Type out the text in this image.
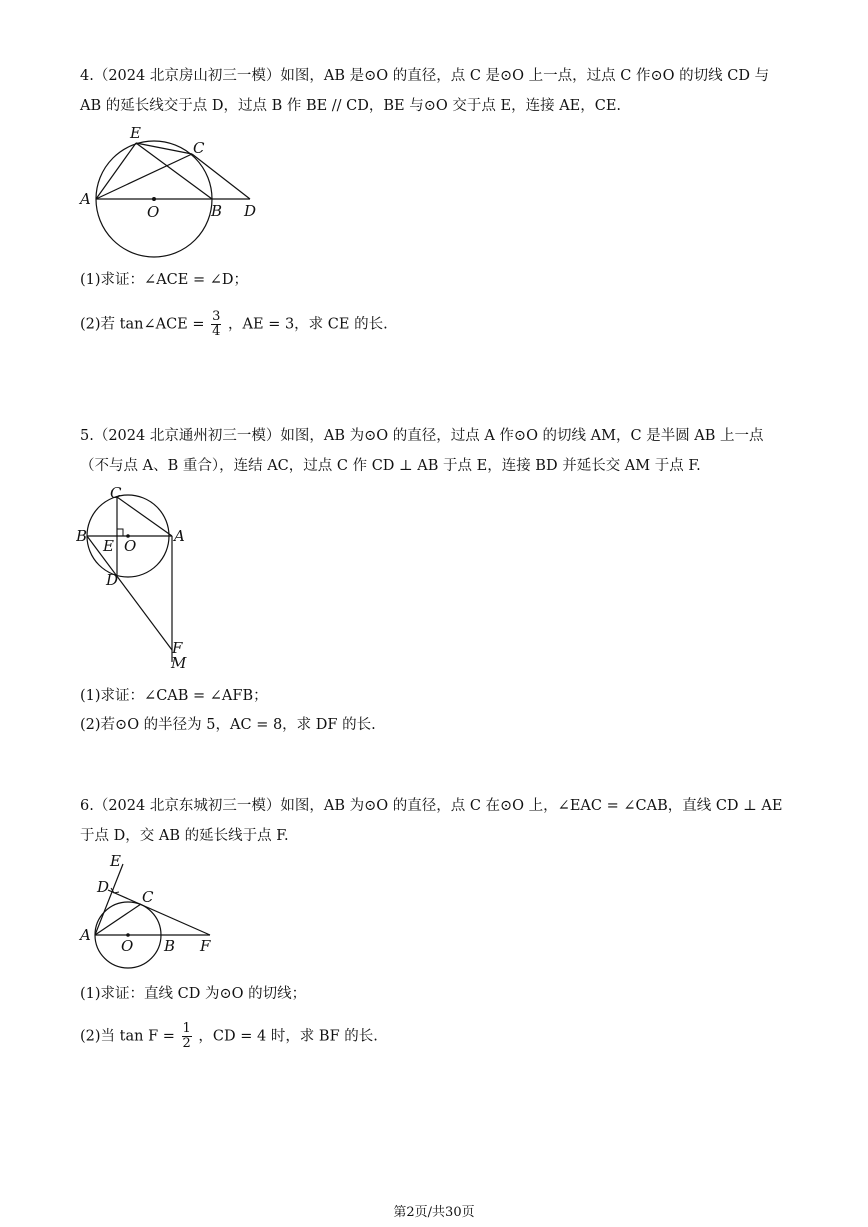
4.（2024 北京房山初三一模）如图，AB 是⊙O 的直径，点 C 是⊙O 上一点，过点 C 作⊙O 的切线 CD 与
AB 的延长线交于点 D，过点 B 作 BE // CD，BE 与⊙O 交于点 E，连接 AE，CE.
E
C
A
O	B D
(1)求证：∠ACE = ∠D；
(2)若 tan∠ACE = $\frac{3}{4}$ ，AE = 3，求 CE 的长.
5.（2024 北京通州初三一模）如图，AB 为⊙O 的直径，过点 A 作⊙O 的切线 AM，C 是半圆 AB 上一点
（不与点 A、B 重合），连结 AC，过点 C 作 CD ⊥ AB 于点 E，连接 BD 并延长交 AM 于点 F.
C
B	A
E O
D
F
M
(1)求证：∠CAB = ∠AFB；
(2)若⊙O 的半径为 5，AC = 8，求 DF 的长.
6.（2024 北京东城初三一模）如图，AB 为⊙O 的直径，点 C 在⊙O 上，∠EAC = ∠CAB，直线 CD ⊥ AE
于点 D，交 AB 的延长线于点 F.
E
D
C
A
O B F
(1)求证：直线 CD 为⊙O 的切线；
(2)当 $\tan F = \frac{1}{2}$ ，CD = 4 时，求 BF 的长.
第2页/共30页
